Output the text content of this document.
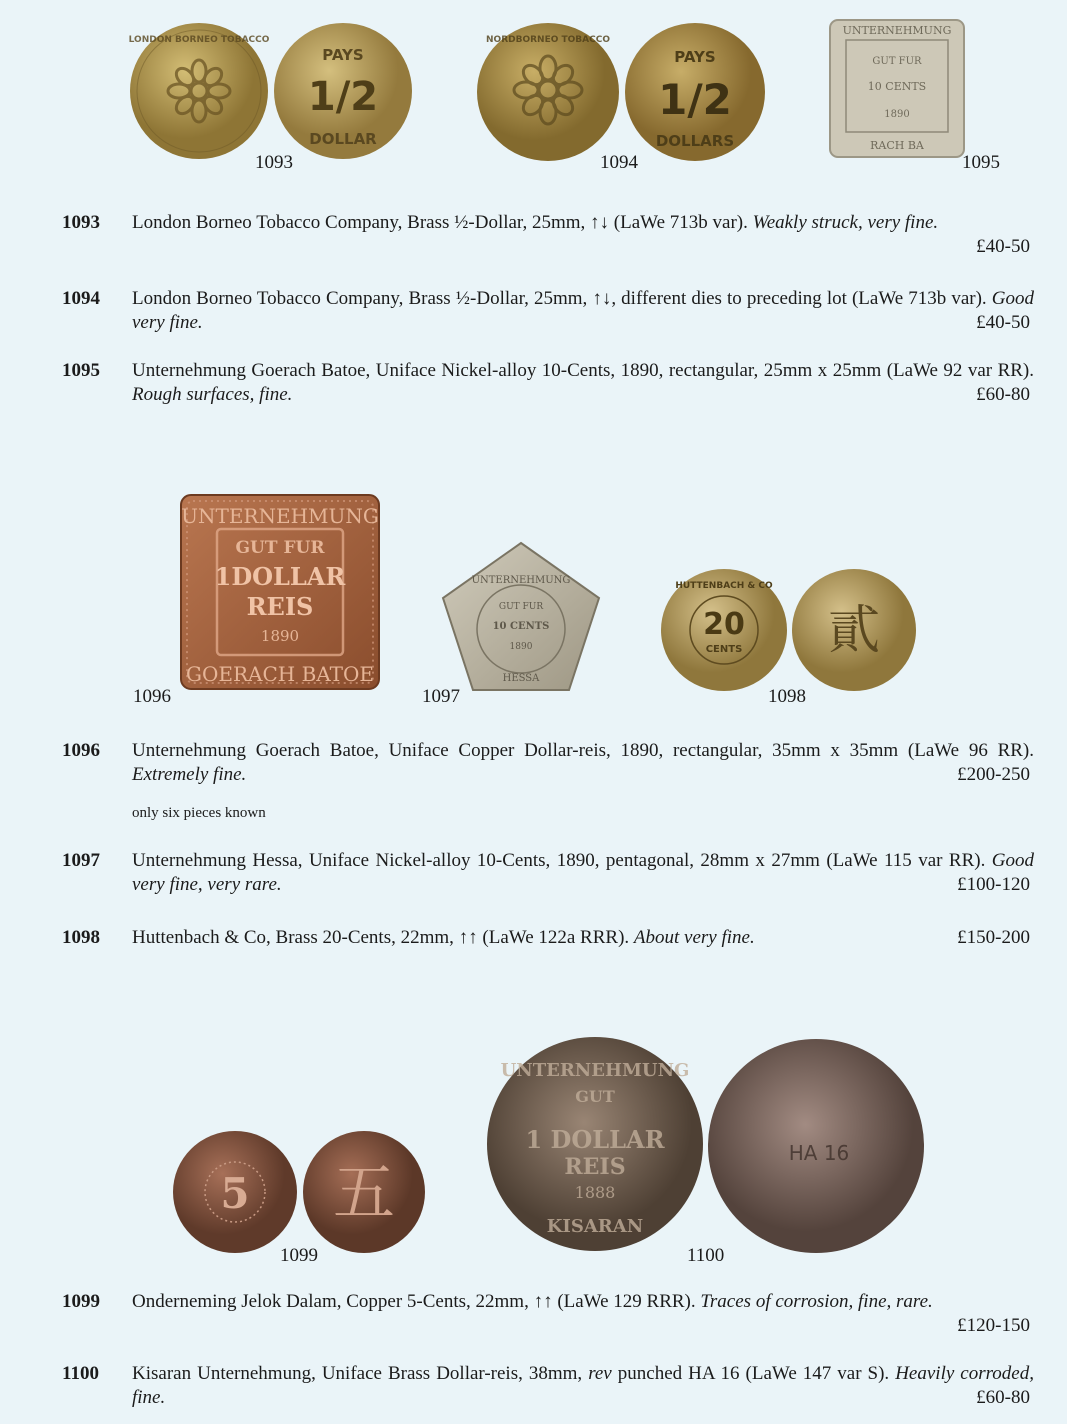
LONDON BORNEO TOBACCO
PAYS
1/2
DOLLAR
NORDBORNEO TOBACCO
PAYS
1/2
DOLLARS
UNTERNEHMUNG
GUT FUR
10 CENTS
1890
RACH BA
1093	1094	1095
1093	London Borneo Tobacco Company, Brass ½-Dollar, 25mm, ↑↓ (LaWe 713b var). Weakly struck, very fine.
£40-50
1094	London Borneo Tobacco Company, Brass ½-Dollar, 25mm, ↑↓, different dies to preceding lot (LaWe 713b var). Good very fine.	£40-50
1095	Unternehmung Goerach Batoe, Uniface Nickel-alloy 10-Cents, 1890, rectangular, 25mm x 25mm (LaWe 92 var RR). Rough surfaces, fine.	£60-80
UNTERNEHMUNG
GUT FUR
1DOLLAR
REIS
1890
GOERACH BATOE
UNTERNEHMUNG
GUT FUR
10 CENTS
1890
HESSA
HUTTENBACH & CO
20
CENTS 貳
1096	1097	1098
1096	Unternehmung Goerach Batoe, Uniface Copper Dollar-reis, 1890, rectangular, 35mm x 35mm (LaWe 96 RR). Extremely fine.	£200-250
only six pieces known
1097	Unternehmung Hessa, Uniface Nickel-alloy 10-Cents, 1890, pentagonal, 28mm x 27mm (LaWe 115 var RR). Good very fine, very rare.	£100-120
1098	Huttenbach & Co, Brass 20-Cents, 22mm, ↑↑ (LaWe 122a RRR). About very fine.	£150-200
5 五
UNTERNEHMUNG
GUT
1 DOLLAR
REIS
1888
KISARAN
HA 16
1099	1100
1099	Onderneming Jelok Dalam, Copper 5-Cents, 22mm, ↑↑ (LaWe 129 RRR). Traces of corrosion, fine, rare.
£120-150
1100	Kisaran Unternehmung, Uniface Brass Dollar-reis, 38mm, rev punched HA 16 (LaWe 147 var S). Heavily corroded, fine.	£60-80
